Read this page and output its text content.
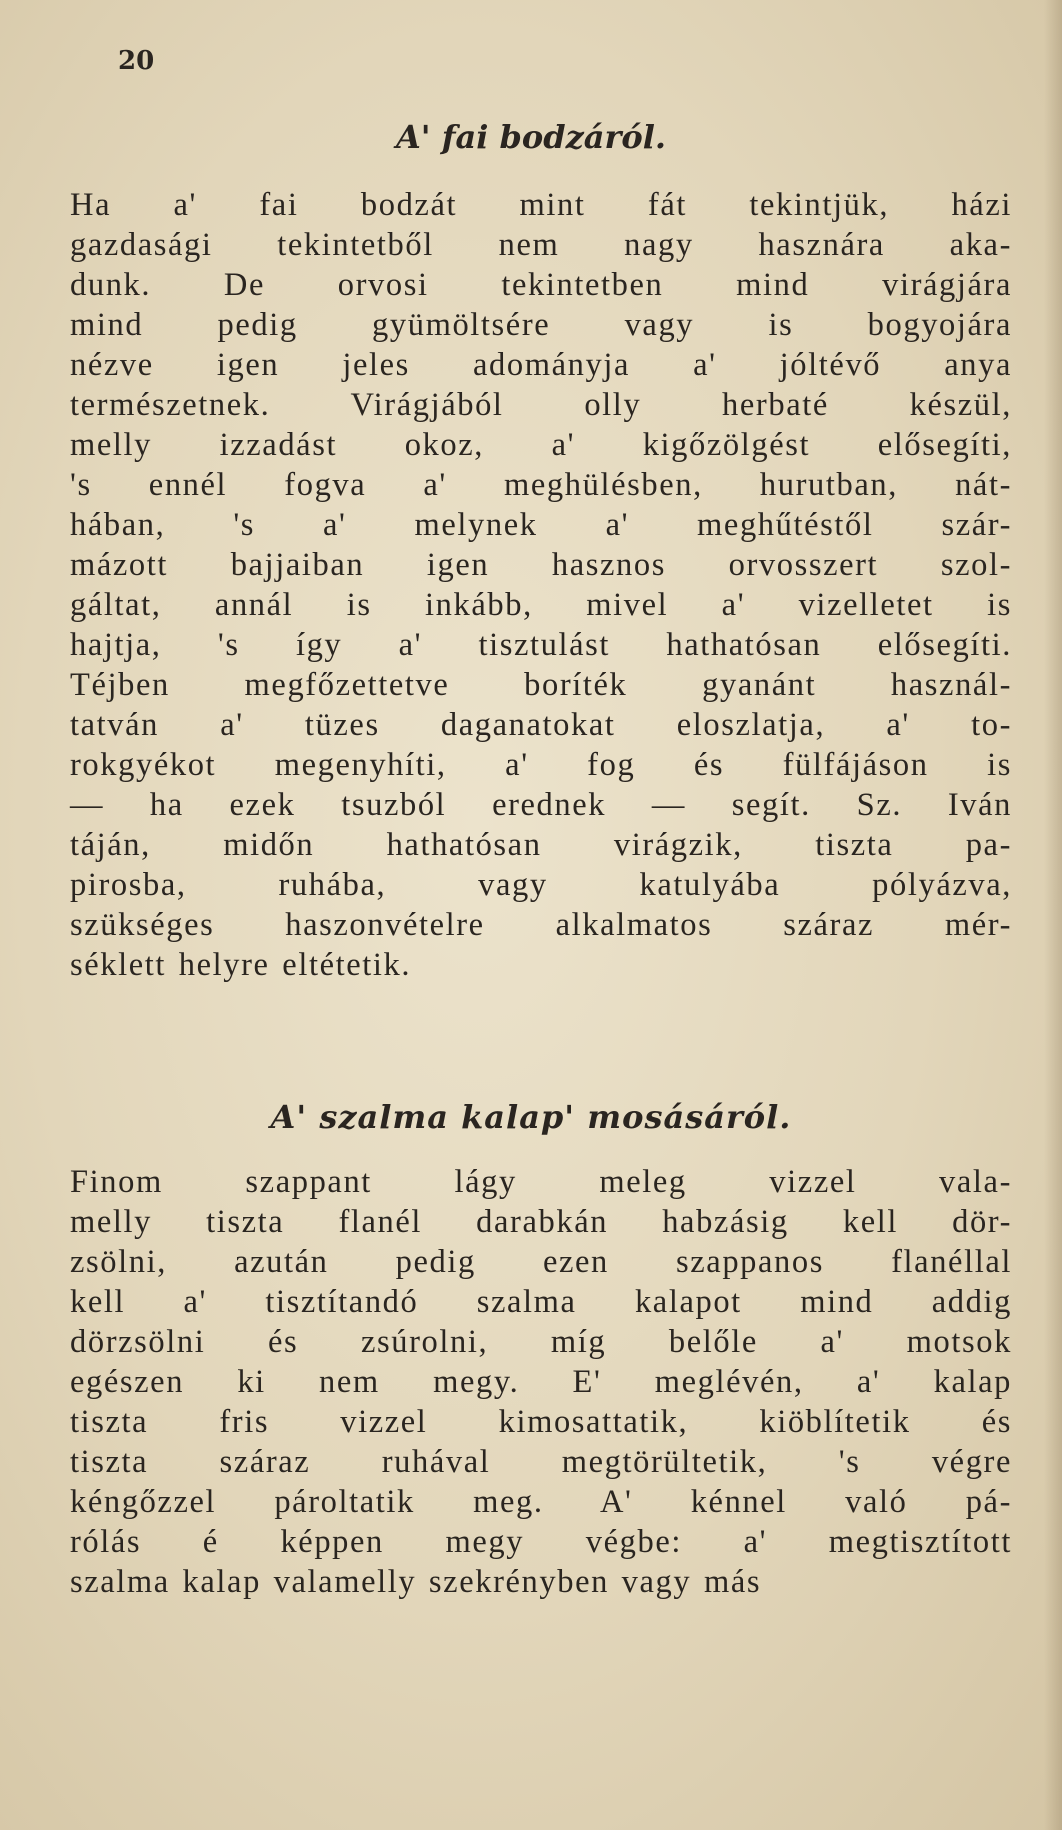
20

A' fai bodzáról.
Ha a' fai bodzát mint fát tekintjük, házi
gazdasági tekintetből nem nagy hasznára aka-
dunk. De orvosi tekintetben mind virágjára
mind pedig gyümöltsére vagy is bogyojára
nézve igen jeles adományja a' jóltévő anya
természetnek. Virágjából olly herbaté készül,
melly izzadást okoz, a' kigőzölgést elősegíti,
's ennél fogva a' meghülésben, hurutban, nát-
hában, 's a' melynek a' meghűtéstől szár-
mázott bajjaiban igen hasznos orvosszert szol-
gáltat, annál is inkább, mivel a' vizelletet is
hajtja, 's így a' tisztulást hathatósan elősegíti.
Téjben megfőzettetve boríték gyanánt használ-
tatván a' tüzes daganatokat eloszlatja, a' to-
rokgyékot megenyhíti, a' fog és fülfájáson is
— ha ezek tsuzból erednek — segít. Sz. Iván
táján, midőn hathatósan virágzik, tiszta pa-
pirosba, ruhába, vagy katulyába pólyázva,
szükséges haszonvételre alkalmatos száraz mér-
séklett helyre eltétetik.
A' szalma kalap' mosásáról.
Finom szappant lágy meleg vizzel vala-
melly tiszta flanél darabkán habzásig kell dör-
zsölni, azután pedig ezen szappanos flanéllal
kell a' tisztítandó szalma kalapot mind addig
dörzsölni és zsúrolni, míg belőle a' motsok
egészen ki nem megy. E' meglévén, a' kalap
tiszta fris vizzel kimosattatik, kiöblítetik és
tiszta száraz ruhával megtörültetik, 's végre
kéngőzzel pároltatik meg. A' kénnel való pá-
rólás é képpen megy végbe: a' megtisztított
szalma kalap valamelly szekrényben vagy más
